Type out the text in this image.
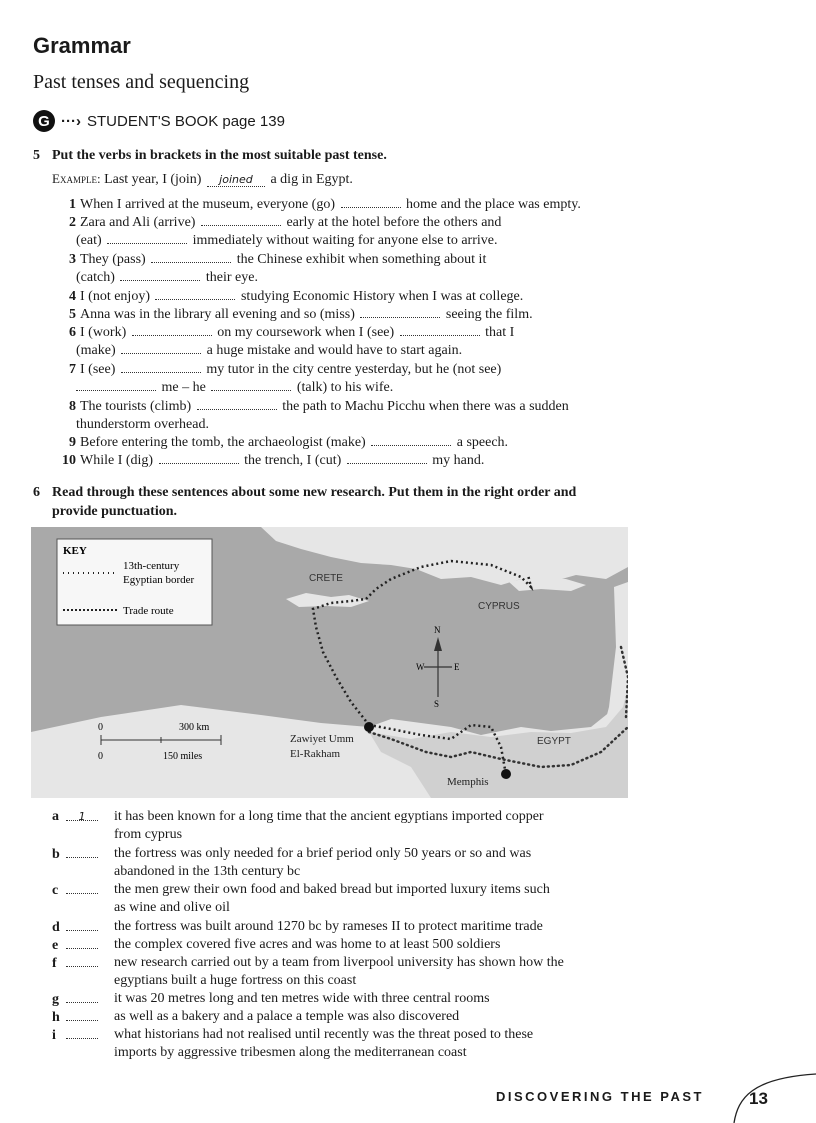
Grammar
Past tenses and sequencing
G ···› STUDENT'S BOOK page 139
5 Put the verbs in brackets in the most suitable past tense.
Example: Last year, I (join) joined a dig in Egypt.
1 When I arrived at the museum, everyone (go)	home and the place was empty.
2 Zara and Ali (arrive)	early at the hotel before the others and
(eat)	immediately without waiting for anyone else to arrive.
3 They (pass)	the Chinese exhibit when something about it
(catch)	their eye.
4 I (not enjoy)	studying Economic History when I was at college.
5 Anna was in the library all evening and so (miss)	seeing the film.
6 I (work)	on my coursework when I (see)	that I
(make)	a huge mistake and would have to start again.
7 I (see)	my tutor in the city centre yesterday, but he (not see)
me – he	(talk) to his wife.
8 The tourists (climb)	the path to Machu Picchu when there was a sudden
thunderstorm overhead.
9 Before entering the tomb, the archaeologist (make)	a speech.
10 While I (dig)	the trench, I (cut)	my hand.
6 Read through these sentences about some new research. Put them in the right order and
provide punctuation.
KEY
13th-century
Egyptian border
Trade route
CRETE
CYPRUS
EGYPT
Zawiyet Umm
El-Rakham
Memphis
N
S
W	E
0	300 km
0	150 miles
a 1 it has been known for a long time that the ancient egyptians imported copper
from cyprus
b	the fortress was only needed for a brief period only 50 years or so and was
abandoned in the 13th century bc
c	the men grew their own food and baked bread but imported luxury items such
as wine and olive oil
d	the fortress was built around 1270 bc by rameses II to protect maritime trade
e	the complex covered five acres and was home to at least 500 soldiers
f	new research carried out by a team from liverpool university has shown how the
egyptians built a huge fortress on this coast
g	it was 20 metres long and ten metres wide with three central rooms
h	as well as a bakery and a palace a temple was also discovered
i	what historians had not realised until recently was the threat posed to these
imports by aggressive tribesmen along the mediterranean coast
DISCOVERING THE PAST	13
